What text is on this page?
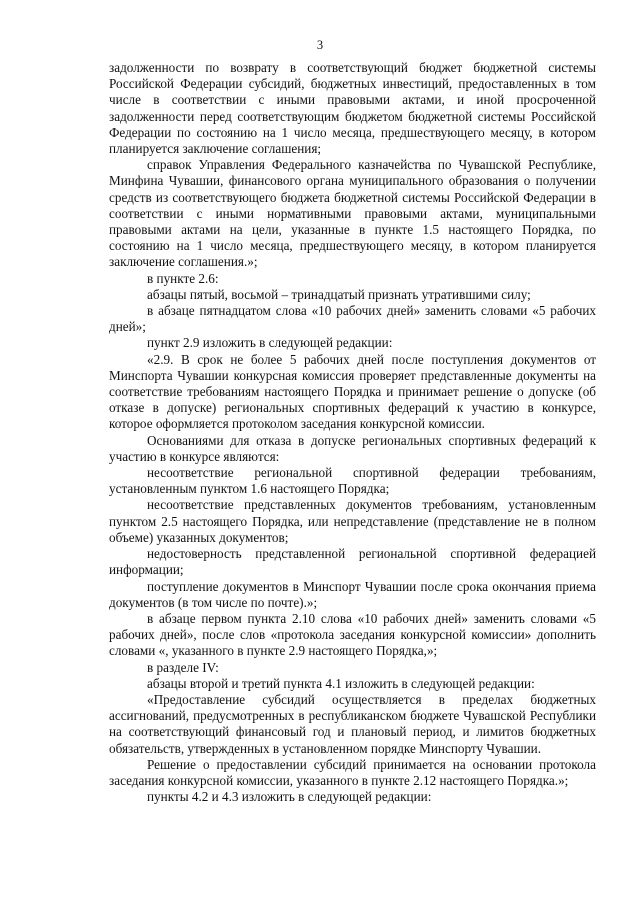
3

задолженности по возврату в соответствующий бюджет бюджетной системы Российской Федерации субсидий, бюджетных инвестиций, предоставленных в том числе в соответствии с иными правовыми актами, и иной просроченной задолженности перед соответствующим бюджетом бюджетной системы Российской Федерации по состоянию на 1 число месяца, предшествующего месяцу, в котором планируется заключение соглашения;

справок Управления Федерального казначейства по Чувашской Республике, Минфина Чувашии, финансового органа муниципального образования о получении средств из соответствующего бюджета бюджетной системы Российской Федерации в соответствии с иными нормативными правовыми актами, муниципальными правовыми актами на цели, указанные в пункте 1.5 настоящего Порядка, по состоянию на 1 число месяца, предшествующего месяцу, в котором планируется заключение соглашения.»;

в пункте 2.6:

абзацы пятый, восьмой – тринадцатый признать утратившими силу;

в абзаце пятнадцатом слова «10 рабочих дней» заменить словами «5 рабочих дней»;

пункт 2.9 изложить в следующей редакции:

«2.9. В срок не более 5 рабочих дней после поступления документов от Минспорта Чувашии конкурсная комиссия проверяет представленные документы на соответствие требованиям настоящего Порядка и принимает решение о допуске (об отказе в допуске) региональных спортивных федераций к участию в конкурсе, которое оформляется протоколом заседания конкурсной комиссии.

Основаниями для отказа в допуске региональных спортивных федераций к участию в конкурсе являются:

несоответствие региональной спортивной федерации требованиям, установленным пунктом 1.6 настоящего Порядка;

несоответствие представленных документов требованиям, установленным пунктом 2.5 настоящего Порядка, или непредставление (представление не в полном объеме) указанных документов;

недостоверность представленной региональной спортивной федерацией информации;

поступление документов в Минспорт Чувашии после срока окончания приема документов (в том числе по почте).»;

в абзаце первом пункта 2.10 слова «10 рабочих дней» заменить словами «5 рабочих дней», после слов «протокола заседания конкурсной комиссии» дополнить словами «, указанного в пункте 2.9 настоящего Порядка,»;

в разделе IV:

абзацы второй и третий пункта 4.1 изложить в следующей редакции:

«Предоставление субсидий осуществляется в пределах бюджетных ассигнований, предусмотренных в республиканском бюджете Чувашской Республики на соответствующий финансовый год и плановый период, и лимитов бюджетных обязательств, утвержденных в установленном порядке Минспорту Чувашии.

Решение о предоставлении субсидий принимается на основании протокола заседания конкурсной комиссии, указанного в пункте 2.12 настоящего Порядка.»;

пункты 4.2 и 4.3 изложить в следующей редакции:
